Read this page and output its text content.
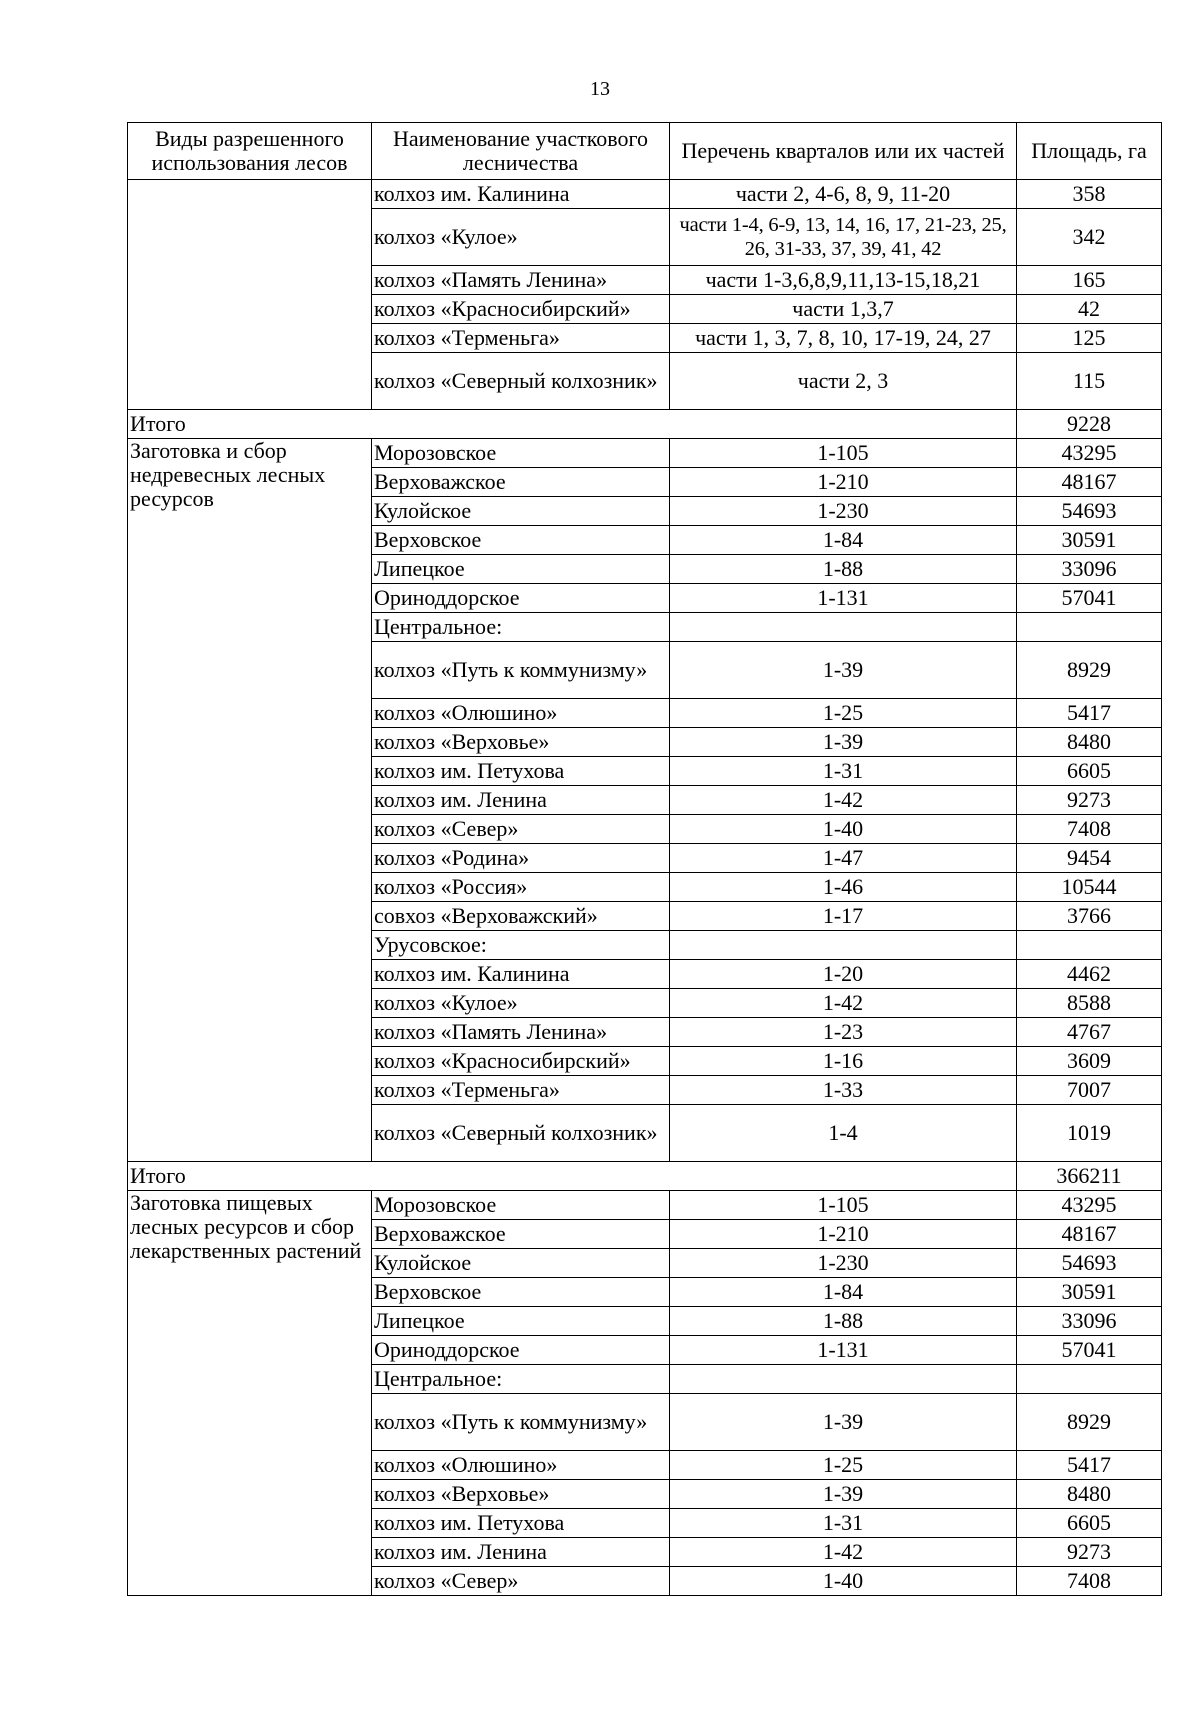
13
Виды разрешенного использования лесов	Наименование участкового лесничества	Перечень кварталов или их частей	Площадь, га
	колхоз им. Калинина	части 2, 4-6, 8, 9, 11-20	358
	колхоз «Кулое»	части 1-4, 6-9, 13, 14, 16, 17, 21-23, 25, 26, 31-33, 37, 39, 41, 42	342
	колхоз «Память Ленина»	части 1-3,6,8,9,11,13-15,18,21	165
	колхоз «Красносибирский»	части 1,3,7	42
	колхоз «Терменьга»	части 1, 3, 7, 8, 10, 17-19, 24, 27	125
	колхоз «Северный колхозник»	части 2, 3	115
Итого			9228
Заготовка и сбор недревесных лесных ресурсов	Морозовское	1-105	43295
	Верховажское	1-210	48167
	Кулойское	1-230	54693
	Верховское	1-84	30591
	Липецкое	1-88	33096
	Ориноддорское	1-131	57041
	Центральное:		
	колхоз «Путь к коммунизму»	1-39	8929
	колхоз «Олюшино»	1-25	5417
	колхоз «Верховье»	1-39	8480
	колхоз им. Петухова	1-31	6605
	колхоз им. Ленина	1-42	9273
	колхоз «Север»	1-40	7408
	колхоз «Родина»	1-47	9454
	колхоз «Россия»	1-46	10544
	совхоз «Верховажский»	1-17	3766
	Урусовское:		
	колхоз им. Калинина	1-20	4462
	колхоз «Кулое»	1-42	8588
	колхоз «Память Ленина»	1-23	4767
	колхоз «Красносибирский»	1-16	3609
	колхоз «Терменьга»	1-33	7007
	колхоз «Северный колхозник»	1-4	1019
Итого			366211
Заготовка пищевых лесных ресурсов и сбор лекарственных растений	Морозовское	1-105	43295
	Верховажское	1-210	48167
	Кулойское	1-230	54693
	Верховское	1-84	30591
	Липецкое	1-88	33096
	Ориноддорское	1-131	57041
	Центральное:		
	колхоз «Путь к коммунизму»	1-39	8929
	колхоз «Олюшино»	1-25	5417
	колхоз «Верховье»	1-39	8480
	колхоз им. Петухова	1-31	6605
	колхоз им. Ленина	1-42	9273
	колхоз «Север»	1-40	7408
